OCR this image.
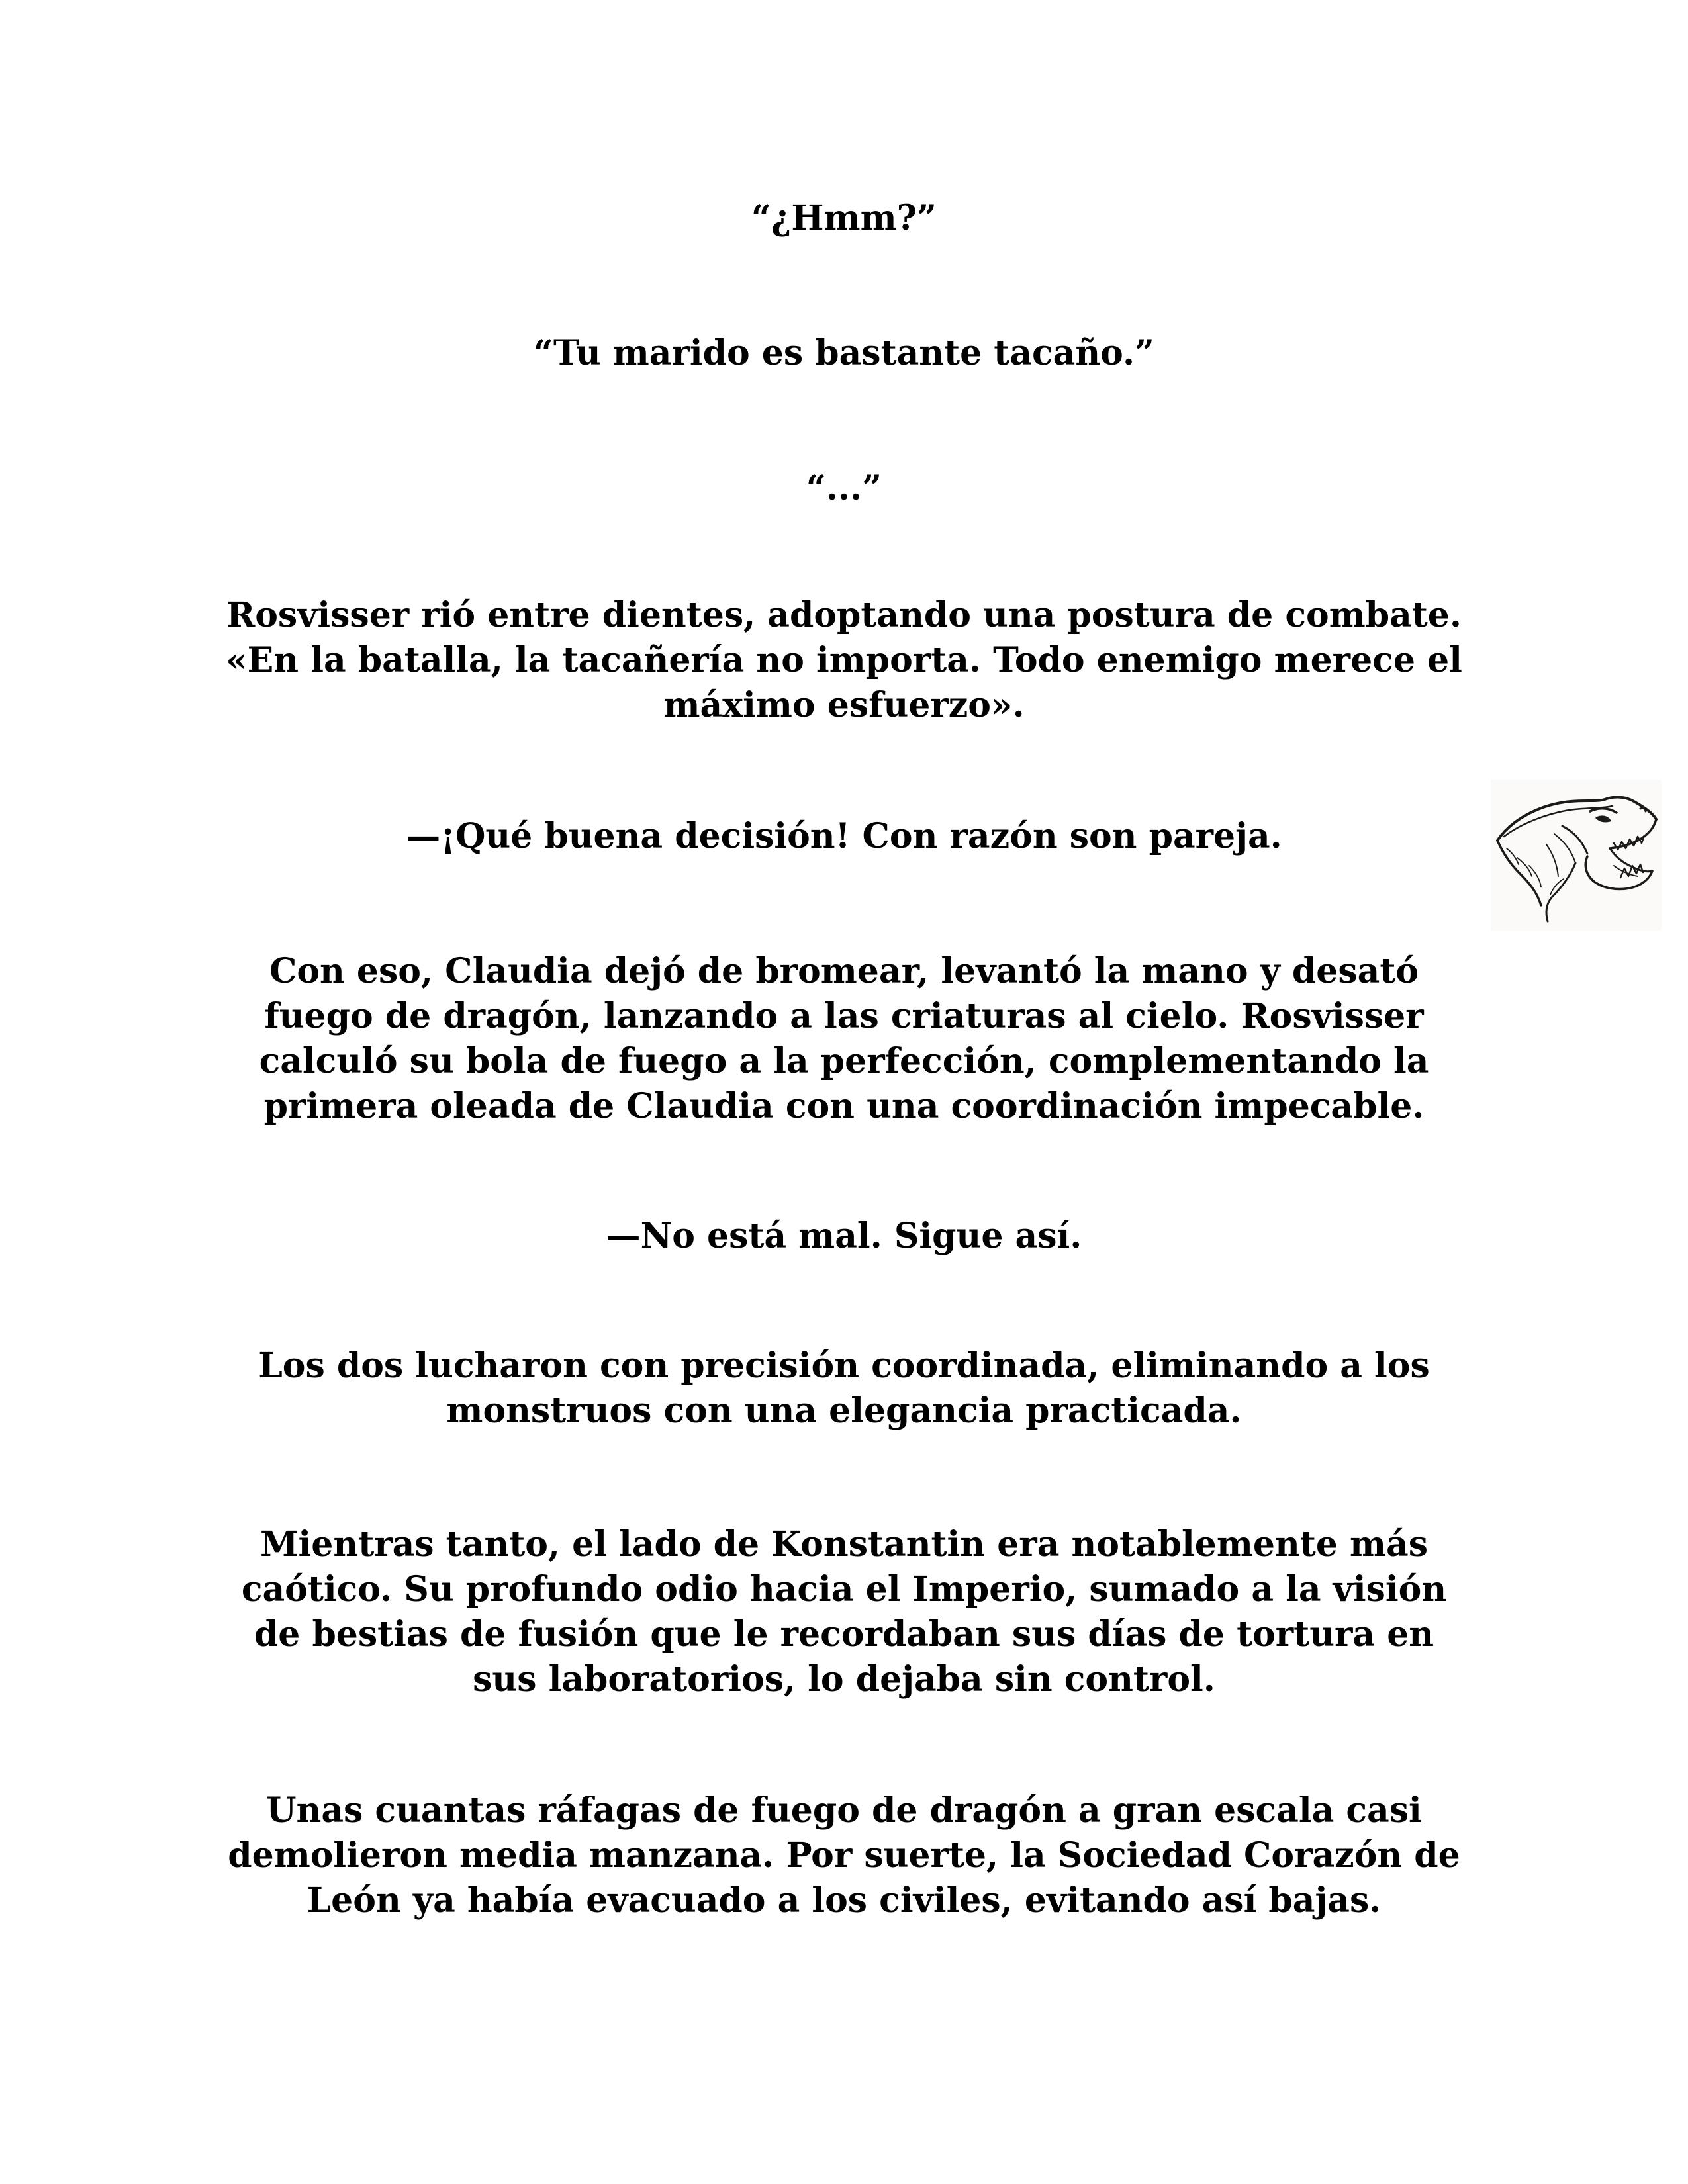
“¿Hmm?”

“Tu marido es bastante tacaño.”

“...”

Rosvisser rió entre dientes, adoptando una postura de combate. «En la batalla, la tacañería no importa. Todo enemigo merece el máximo esfuerzo».

—¡Qué buena decisión! Con razón son pareja.

Con eso, Claudia dejó de bromear, levantó la mano y desató fuego de dragón, lanzando a las criaturas al cielo. Rosvisser calculó su bola de fuego a la perfección, complementando la primera oleada de Claudia con una coordinación impecable.

—No está mal. Sigue así.

Los dos lucharon con precisión coordinada, eliminando a los monstruos con una elegancia practicada.

Mientras tanto, el lado de Konstantin era notablemente más caótico. Su profundo odio hacia el Imperio, sumado a la visión de bestias de fusión que le recordaban sus días de tortura en sus laboratorios, lo dejaba sin control.

Unas cuantas ráfagas de fuego de dragón a gran escala casi demolieron media manzana. Por suerte, la Sociedad Corazón de León ya había evacuado a los civiles, evitando así bajas.
